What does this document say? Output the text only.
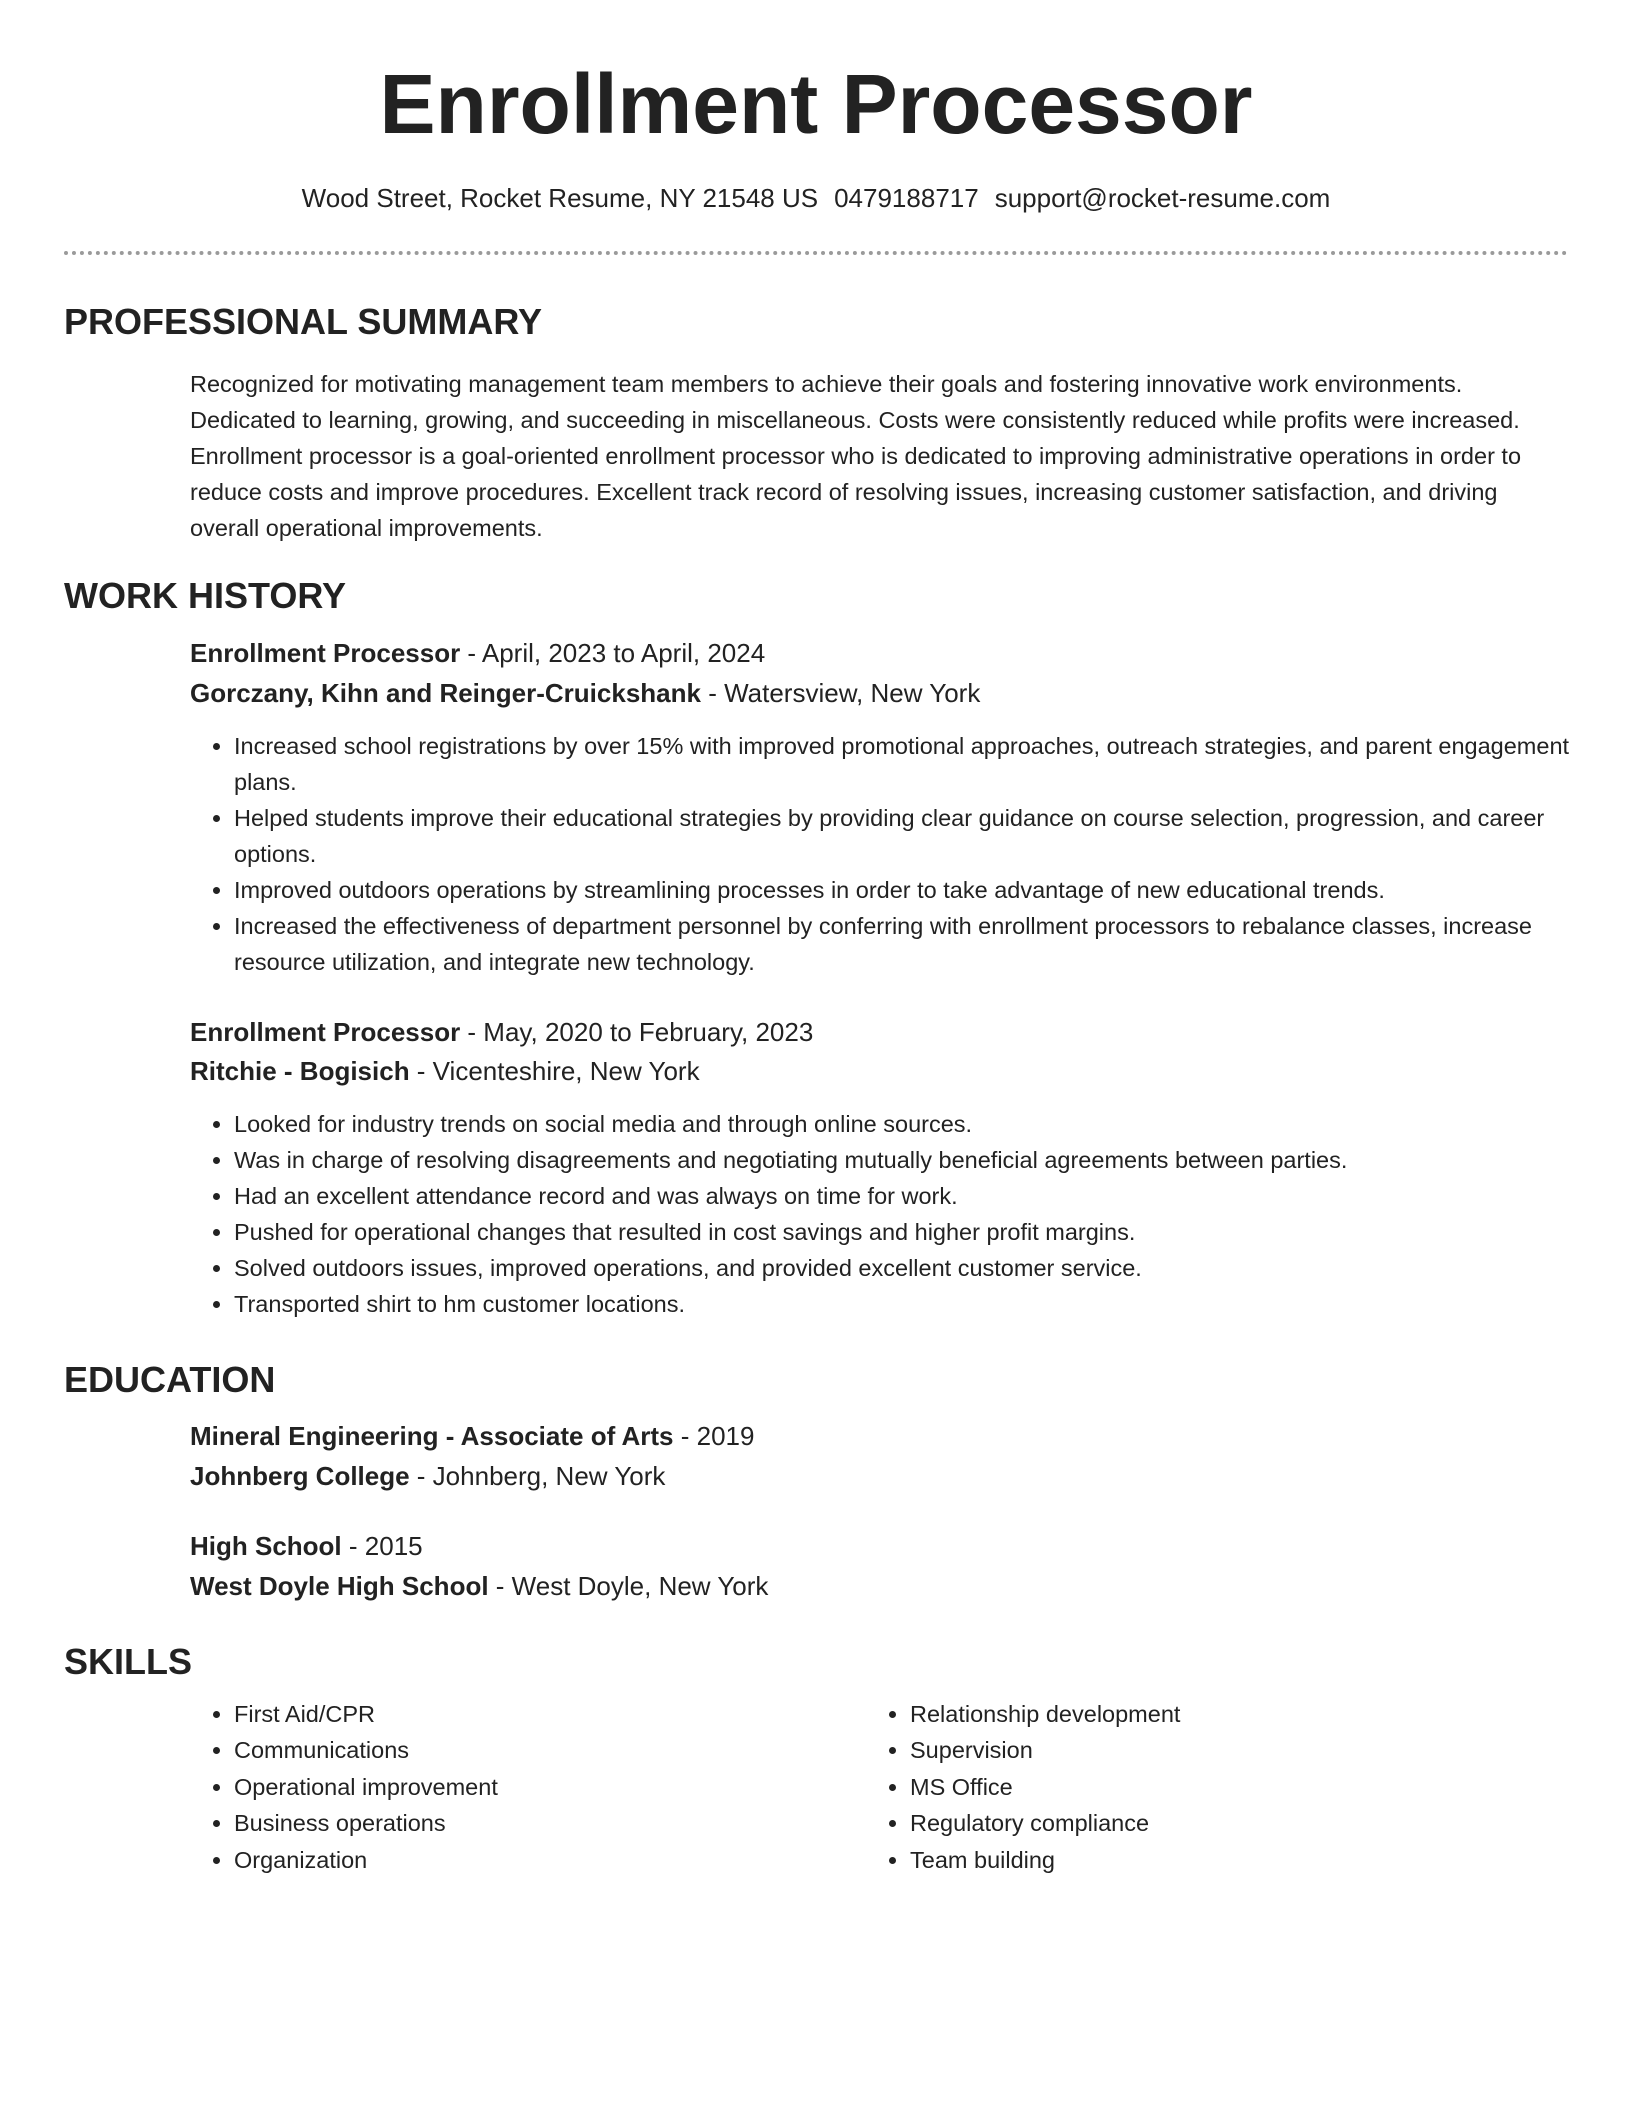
Enrollment Processor
Wood Street, Rocket Resume, NY 21548 US 0479188717 support@rocket-resume.com
PROFESSIONAL SUMMARY
Recognized for motivating management team members to achieve their goals and fostering innovative work environments. Dedicated to learning, growing, and succeeding in miscellaneous. Costs were consistently reduced while profits were increased. Enrollment processor is a goal-oriented enrollment processor who is dedicated to improving administrative operations in order to reduce costs and improve procedures. Excellent track record of resolving issues, increasing customer satisfaction, and driving overall operational improvements.
WORK HISTORY
Enrollment Processor - April, 2023 to April, 2024
Gorczany, Kihn and Reinger-Cruickshank - Watersview, New York
• Increased school registrations by over 15% with improved promotional approaches, outreach strategies, and parent engagement plans.
• Helped students improve their educational strategies by providing clear guidance on course selection, progression, and career options.
• Improved outdoors operations by streamlining processes in order to take advantage of new educational trends.
• Increased the effectiveness of department personnel by conferring with enrollment processors to rebalance classes, increase resource utilization, and integrate new technology.
Enrollment Processor - May, 2020 to February, 2023
Ritchie - Bogisich - Vicenteshire, New York
• Looked for industry trends on social media and through online sources.
• Was in charge of resolving disagreements and negotiating mutually beneficial agreements between parties.
• Had an excellent attendance record and was always on time for work.
• Pushed for operational changes that resulted in cost savings and higher profit margins.
• Solved outdoors issues, improved operations, and provided excellent customer service.
• Transported shirt to hm customer locations.
EDUCATION
Mineral Engineering - Associate of Arts - 2019
Johnberg College - Johnberg, New York
High School - 2015
West Doyle High School - West Doyle, New York
SKILLS
• First Aid/CPR
• Communications
• Operational improvement
• Business operations
• Organization
• Relationship development
• Supervision
• MS Office
• Regulatory compliance
• Team building
